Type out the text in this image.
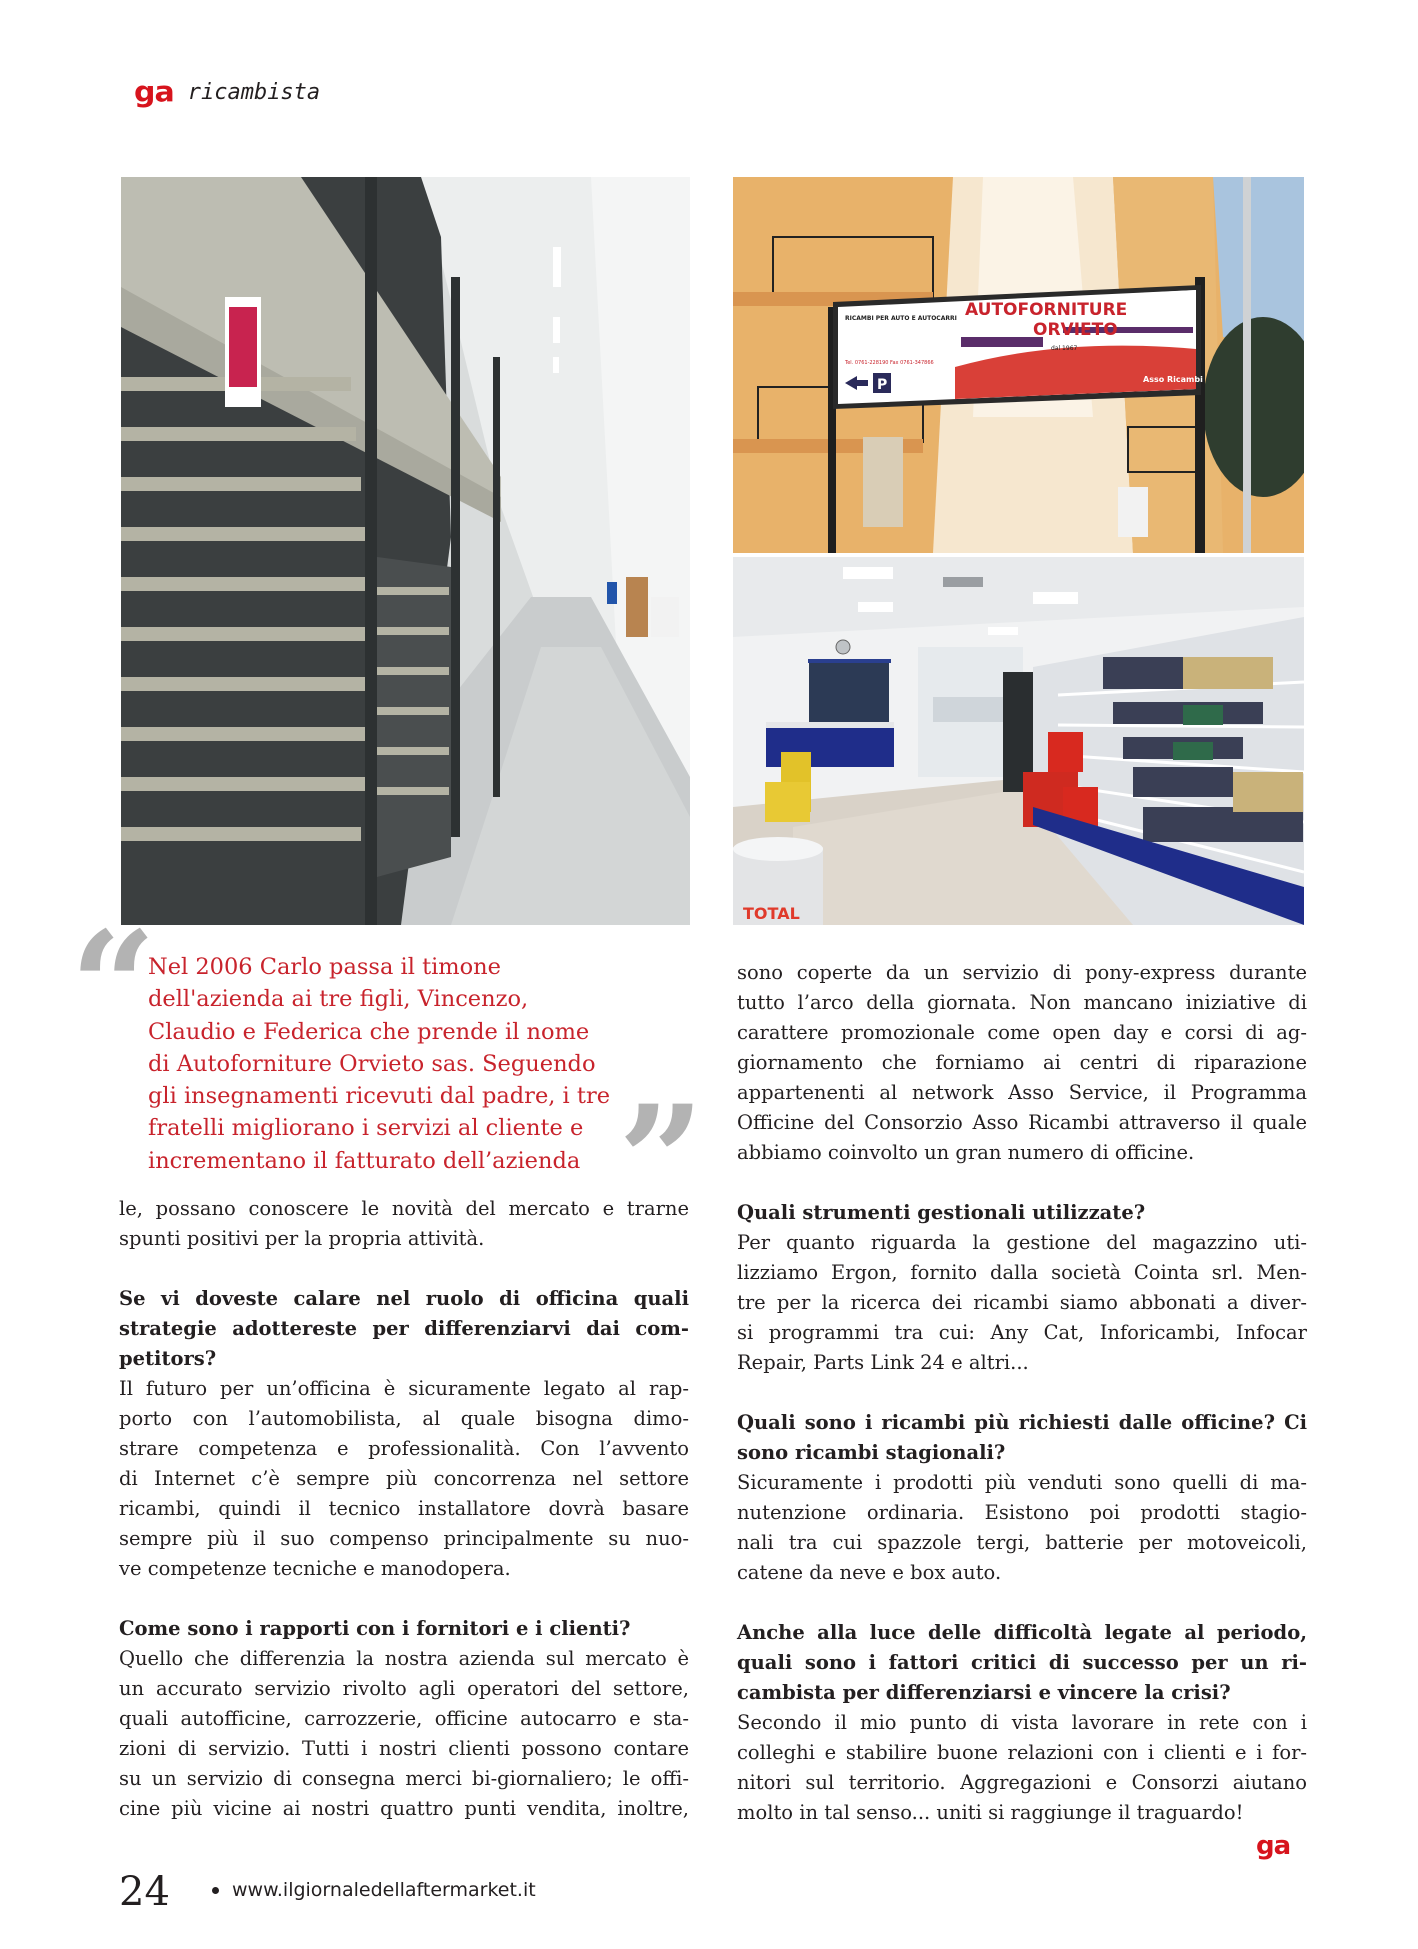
ga ricambista
AUTOFORNITURE
ORVIETO
dal 1967
Asso Ricambi
RICAMBI PER AUTO E AUTOCARRI
Tel. 0761-228190 Fax 0761-347866
P
TOTAL
“
Nel 2006 Carlo passa il timone
dell'azienda ai tre figli, Vincenzo,
Claudio e Federica che prende il nome
di Autoforniture Orvieto sas. Seguendo
gli insegnamenti ricevuti dal padre, i tre
fratelli migliorano i servizi al cliente e
incrementano il fatturato dell’azienda ”
le, possano conoscere le novità del mercato e trarne
spunti positivi per la propria attività.
Se vi doveste calare nel ruolo di officina quali
strategie adottereste per differenziarvi dai com-
petitors?
Il futuro per un’officina è sicuramente legato al rap-
porto con l’automobilista, al quale bisogna dimo-
strare competenza e professionalità. Con l’avvento
di Internet c’è sempre più concorrenza nel settore
ricambi, quindi il tecnico installatore dovrà basare
sempre più il suo compenso principalmente su nuo-
ve competenze tecniche e manodopera.
Come sono i rapporti con i fornitori e i clienti?
Quello che differenzia la nostra azienda sul mercato è
un accurato servizio rivolto agli operatori del settore,
quali autofficine, carrozzerie, officine autocarro e sta-
zioni di servizio. Tutti i nostri clienti possono contare
su un servizio di consegna merci bi-giornaliero; le offi-
cine più vicine ai nostri quattro punti vendita, inoltre,
sono coperte da un servizio di pony-express durante
tutto l’arco della giornata. Non mancano iniziative di
carattere promozionale come open day e corsi di ag-
giornamento che forniamo ai centri di riparazione
appartenenti al network Asso Service, il Programma
Officine del Consorzio Asso Ricambi attraverso il quale
abbiamo coinvolto un gran numero di officine.
Quali strumenti gestionali utilizzate?
Per quanto riguarda la gestione del magazzino uti-
lizziamo Ergon, fornito dalla società Cointa srl. Men-
tre per la ricerca dei ricambi siamo abbonati a diver-
si programmi tra cui: Any Cat, Inforicambi, Infocar
Repair, Parts Link 24 e altri...
Quali sono i ricambi più richiesti dalle officine? Ci
sono ricambi stagionali?
Sicuramente i prodotti più venduti sono quelli di ma-
nutenzione ordinaria. Esistono poi prodotti stagio-
nali tra cui spazzole tergi, batterie per motoveicoli,
catene da neve e box auto.
Anche alla luce delle difficoltà legate al periodo,
quali sono i fattori critici di successo per un ri-
cambista per differenziarsi e vincere la crisi?
Secondo il mio punto di vista lavorare in rete con i
colleghi e stabilire buone relazioni con i clienti e i for-
nitori sul territorio. Aggregazioni e Consorzi aiutano
molto in tal senso... uniti si raggiunge il traguardo!
ga
24	www.ilgiornaledellaftermarket.it
